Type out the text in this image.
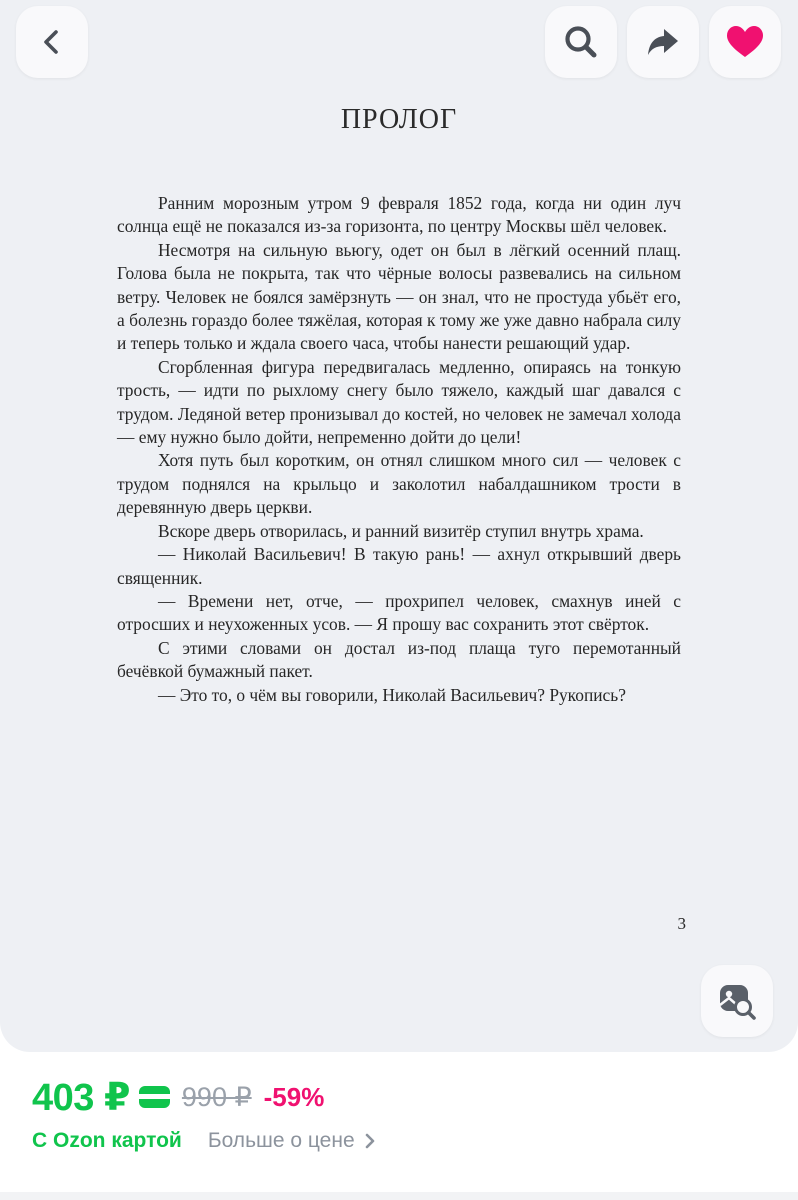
ПРОЛОГ

Ранним морозным утром 9 февраля 1852 года, когда ни один луч солнца ещё не показался из-за горизонта, по центру Москвы шёл человек.

Несмотря на сильную вьюгу, одет он был в лёгкий осенний плащ. Голова была не покрыта, так что чёрные волосы развевались на сильном ветру. Человек не боялся замёрзнуть — он знал, что не простуда убьёт его, а болезнь гораздо более тяжёлая, которая к тому же уже давно набрала силу и теперь только и ждала своего часа, чтобы нанести решающий удар.

Сгорбленная фигура передвигалась медленно, опираясь на тонкую трость, — идти по рыхлому снегу было тяжело, каждый шаг давался с трудом. Ледяной ветер пронизывал до костей, но человек не замечал холода — ему нужно было дойти, непременно дойти до цели!

Хотя путь был коротким, он отнял слишком много сил — человек с трудом поднялся на крыльцо и заколотил набалдашником трости в деревянную дверь церкви.

Вскоре дверь отворилась, и ранний визитёр ступил внутрь храма.

— Николай Васильевич! В такую рань! — ахнул открывший дверь священник.

— Времени нет, отче, — прохрипел человек, смахнув иней с отросших и неухоженных усов. — Я прошу вас сохранить этот свёрток.

С этими словами он достал из-под плаща туго перемотанный бечёвкой бумажный пакет.

— Это то, о чём вы говорили, Николай Васильевич? Рукопись?

3
403 ₽ 990 ₽ -59%
С Ozon картой Больше о цене
